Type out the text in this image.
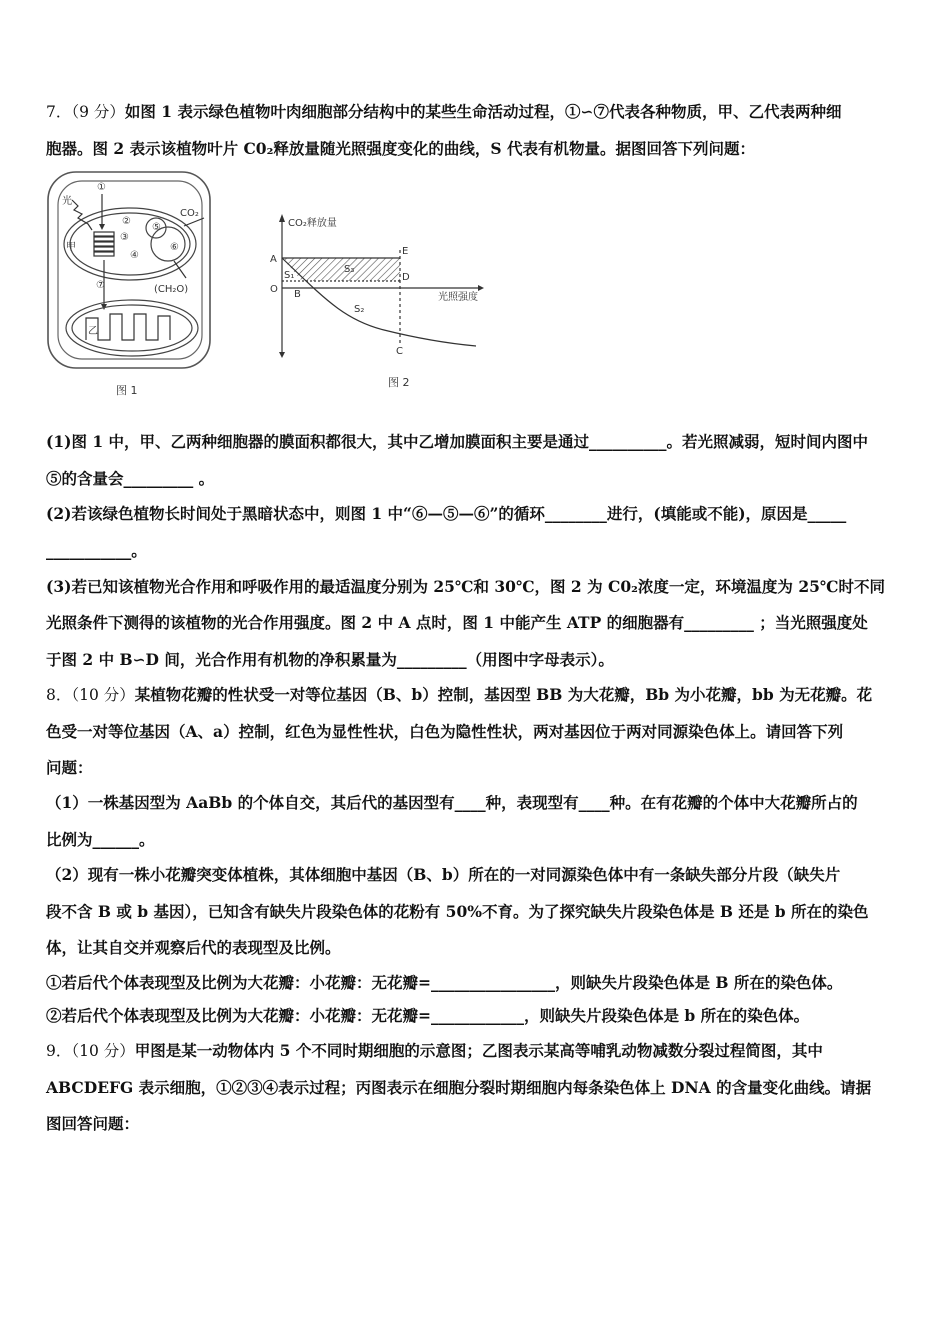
7．（9 分）如图 1 表示绿色植物叶肉细胞部分结构中的某些生命活动过程，①∽⑦代表各种物质，甲、乙代表两种细
胞器。图 2 表示该植物叶片 C0₂释放量随光照强度变化的曲线，S 代表有机物量。据图回答下列问题：
①
光
甲
②
③
④
⑤
⑥
CO₂
(CH₂O)
⑦
乙
图 1
CO₂释放量
光照强度
A
O B
E
D
C
S₁
S₃
S₂
图 2
(1)图 1 中，甲、乙两种细胞器的膜面积都很大，其中乙增加膜面积主要是通过__________。若光照减弱，短时间内图中
⑤的含量会_________ 。
(2)若该绿色植物长时间处于黑暗状态中，则图 1 中“⑥—⑤—⑥”的循环________进行，(填能或不能)，原因是_____
___________。
(3)若已知该植物光合作用和呼吸作用的最适温度分别为 25℃和 30℃，图 2 为 C0₂浓度一定，环境温度为 25℃时不同
光照条件下测得的该植物的光合作用强度。图 2 中 A 点时，图 1 中能产生 ATP 的细胞器有_________ ；当光照强度处
于图 2 中 B∽D 间，光合作用有机物的净积累量为_________（用图中字母表示）。
8．（10 分）某植物花瓣的性状受一对等位基因（B、b）控制，基因型 BB 为大花瓣，Bb 为小花瓣，bb 为无花瓣。花
色受一对等位基因（A、a）控制，红色为显性性状，白色为隐性性状，两对基因位于两对同源染色体上。请回答下列
问题：
（1）一株基因型为 AaBb 的个体自交，其后代的基因型有____种，表现型有____种。在有花瓣的个体中大花瓣所占的
比例为______。
（2）现有一株小花瓣突变体植株，其体细胞中基因（B、b）所在的一对同源染色体中有一条缺失部分片段（缺失片
段不含 B 或 b 基因），已知含有缺失片段染色体的花粉有 50%不育。为了探究缺失片段染色体是 B 还是 b 所在的染色
体，让其自交并观察后代的表现型及比例。
①若后代个体表现型及比例为大花瓣：小花瓣：无花瓣=________________，则缺失片段染色体是 B 所在的染色体。
②若后代个体表现型及比例为大花瓣：小花瓣：无花瓣=____________，则缺失片段染色体是 b 所在的染色体。
9．（10 分）甲图是某一动物体内 5 个不同时期细胞的示意图；乙图表示某高等哺乳动物减数分裂过程简图，其中
ABCDEFG 表示细胞，①②③④表示过程；丙图表示在细胞分裂时期细胞内每条染色体上 DNA 的含量变化曲线。请据
图回答问题：
